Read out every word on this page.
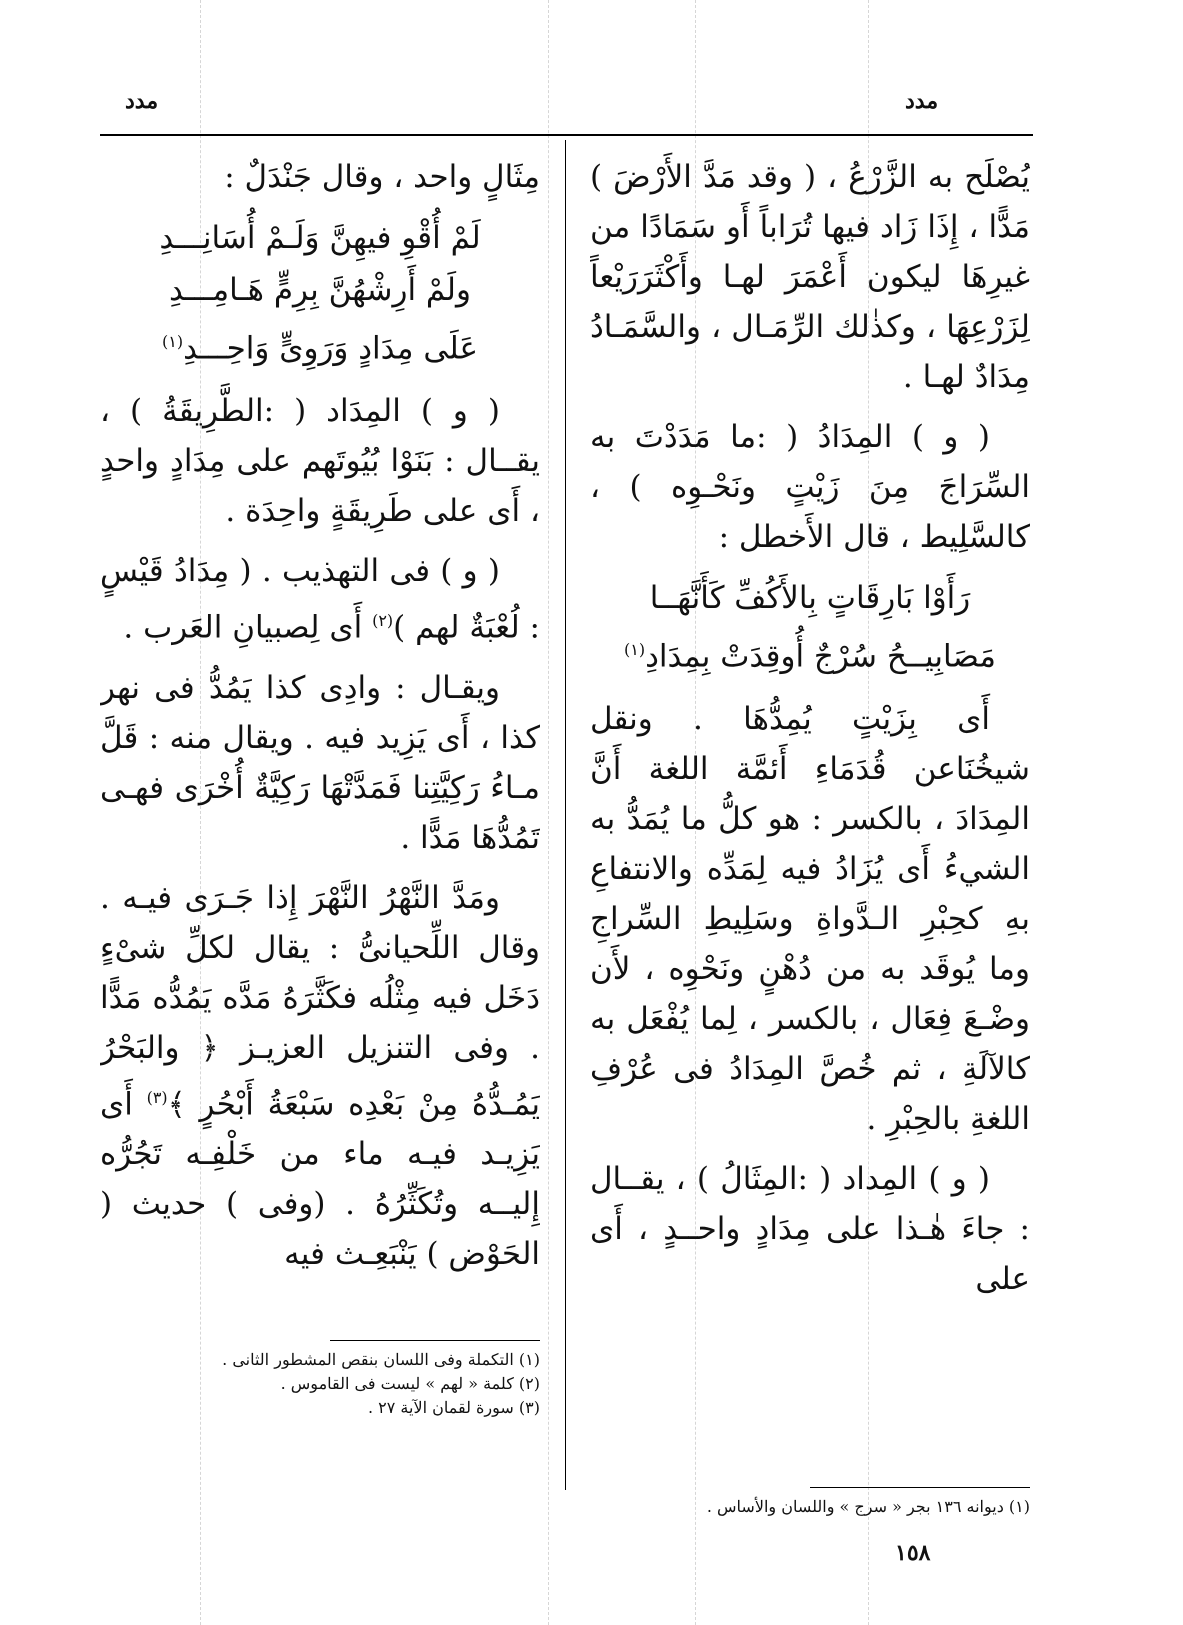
مدد	مدد

يُصْلَح به الزَّرْعُ ، ( وقد مَدَّ الأَرْضَ ) مَدًّا ، إِذَا زَاد فيها تُرَاباً أَو سَمَادًا من غيرِهَا ليكون أَعْمَرَ لهـا وأَكْثَرَرَيْعاً لِزَرْعِهَا ، وكذٰلك الرِّمَـال ، والسَّمَـادُ مِدَادٌ لهـا .

( و ) المِدَادُ ( :ما مَدَدْتَ به السِّرَاجَ مِنَ زَيْتٍ ونَحْـوِه ) ، كالسَّلِيط ، قال الأَخطل :

رَأَوْا بَارِقَاتٍ بِالأَكُفِّ كَأَنَّهَــا
مَصَابِيــحُ سُرْجٌ أُوقِدَتْ بِمِدَادِ$^{(١)}$

أَى بِزَيْتٍ يُمِدُّهَا . ونقل شيخُنَاعن قُدَمَاءِ أَئمَّة اللغة أَنَّ المِدَادَ ، بالكسر : هو كلُّ ما يُمَدُّ به الشيءُ أَى يُزَادُ فيه لِمَدِّه والانتفاعِ بهِ كحِبْرِ الـدَّواةِ وسَلِيطِ السِّراجِ وما يُوقَد به من دُهْنٍ ونَحْوِه ، لأَن وضْـعَ فِعَال ، بالكسر ، لِما يُفْعَل به كالآلَةِ ، ثم خُصَّ المِدَادُ فى عُرْفِ اللغةِ بالحِبْرِ .

( و ) المِداد ( :المِثَالُ ) ، يقــال : جاءَ هٰـذا على مِدَادٍ واحــدٍ ، أَى على

مِثَالٍ واحد ، وقال جَنْدَلٌ :

لَمْ أُقْوِ فيهِنَّ وَلَـمْ أُسَانِـــدِ
ولَمْ أَرِشْهُنَّ بِرِمٍّ هَـامِـــدِ
عَلَى مِدَادٍ وَرَوِىٍّ وَاحِـــدِ$^{(١)}$

( و ) المِدَاد ( :الطَّرِيقَةُ ) ، يقــال : بَنَوْا بُيُوتَهم على مِدَادٍ واحدٍ ، أَى على طَرِيقَةٍ واحِدَة .

( و ) فى التهذيب . ( مِدَادُ قَيْسٍ : لُعْبَةٌ لهم )$^{(٢)}$ أَى لِصبيانِ العَرب .

ويقـال : وادِى كذا يَمُدُّ فى نهر كذا ، أَى يَزِيد فيه . ويقال منه : قَلَّ مـاءُ رَكِيَّتِنا فَمَدَّتْهَا رَكِيَّةٌ أُخْرَى فهـى تَمُدُّهَا مَدًّا .

ومَدَّ النَّهْرُ النَّهْرَ إِذا جَـرَى فيـه . وقال اللِّحيانىُّ : يقال لكلِّ شىْءٍ دَخَل فيه مِثْلُه فكَثَّرَهُ مَدَّه يَمُدُّه مَدًّا . وفى التنزيل العزيـز ﴿ والبَحْرُ يَمُـدُّهُ مِنْ بَعْدِه سَبْعَةُ أَبْحُرٍ ﴾$^{(٣)}$ أَى يَزِيـد فيـه ماء من خَلْفِـه تَجُرُّه إِليــه وتُكَثِّرُهُ . (وفى ) حديث ( الحَوْض ) يَنْبَعِـث فيه

(١) التكملة وفى اللسان بنقص المشطور الثانى .
(٢) كلمة « لهم » ليست فى القاموس .
(٣) سورة لقمان الآية ٢٧ .
(١) ديوانه ١٣٦ بجر « سرج » واللسان والأساس .
١٥٨
